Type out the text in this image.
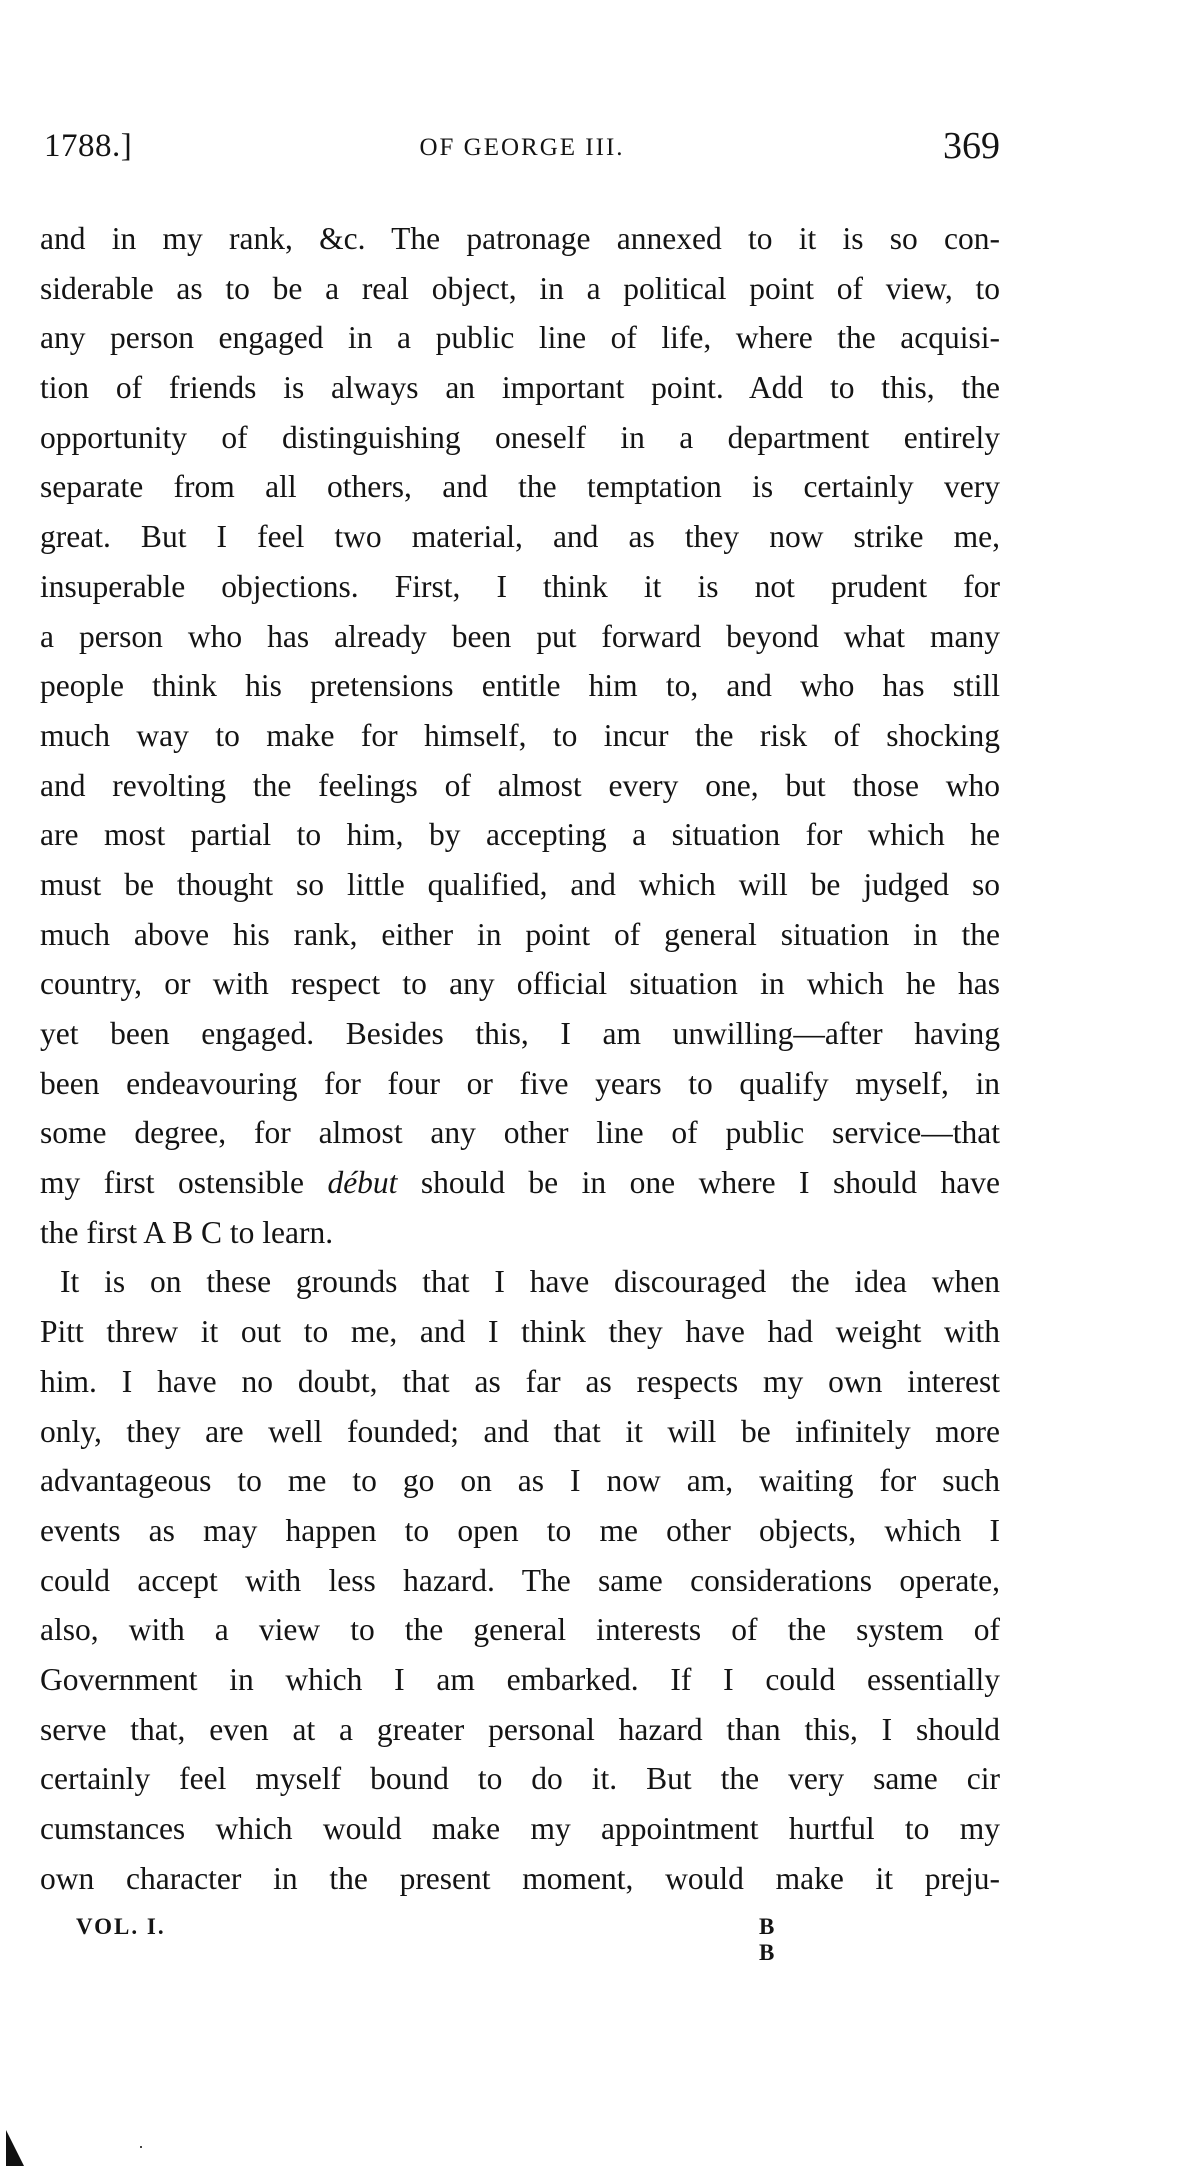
1788.]	OF GEORGE III.	369
and in my rank, &c. The patronage annexed to it is so con-
siderable as to be a real object, in a political point of view, to
any person engaged in a public line of life, where the acquisi-
tion of friends is always an important point. Add to this, the
opportunity of distinguishing oneself in a department entirely
separate from all others, and the temptation is certainly very
great. But I feel two material, and as they now strike me,
insuperable objections. First, I think it is not prudent for
a person who has already been put forward beyond what many
people think his pretensions entitle him to, and who has still
much way to make for himself, to incur the risk of shocking
and revolting the feelings of almost every one, but those who
are most partial to him, by accepting a situation for which he
must be thought so little qualified, and which will be judged so
much above his rank, either in point of general situation in the
country, or with respect to any official situation in which he has
yet been engaged. Besides this, I am unwilling—after having
been endeavouring for four or five years to qualify myself, in
some degree, for almost any other line of public service—that
my first ostensible début should be in one where I should have
the first A B C to learn.
It is on these grounds that I have discouraged the idea when
Pitt threw it out to me, and I think they have had weight with
him. I have no doubt, that as far as respects my own interest
only, they are well founded; and that it will be infinitely more
advantageous to me to go on as I now am, waiting for such
events as may happen to open to me other objects, which I
could accept with less hazard. The same considerations operate,
also, with a view to the general interests of the system of
Government in which I am embarked. If I could essentially
serve that, even at a greater personal hazard than this, I should
certainly feel myself bound to do it. But the very same cir
cumstances which would make my appointment hurtful to my
own character in the present moment, would make it preju-
VOL. I.	B B
